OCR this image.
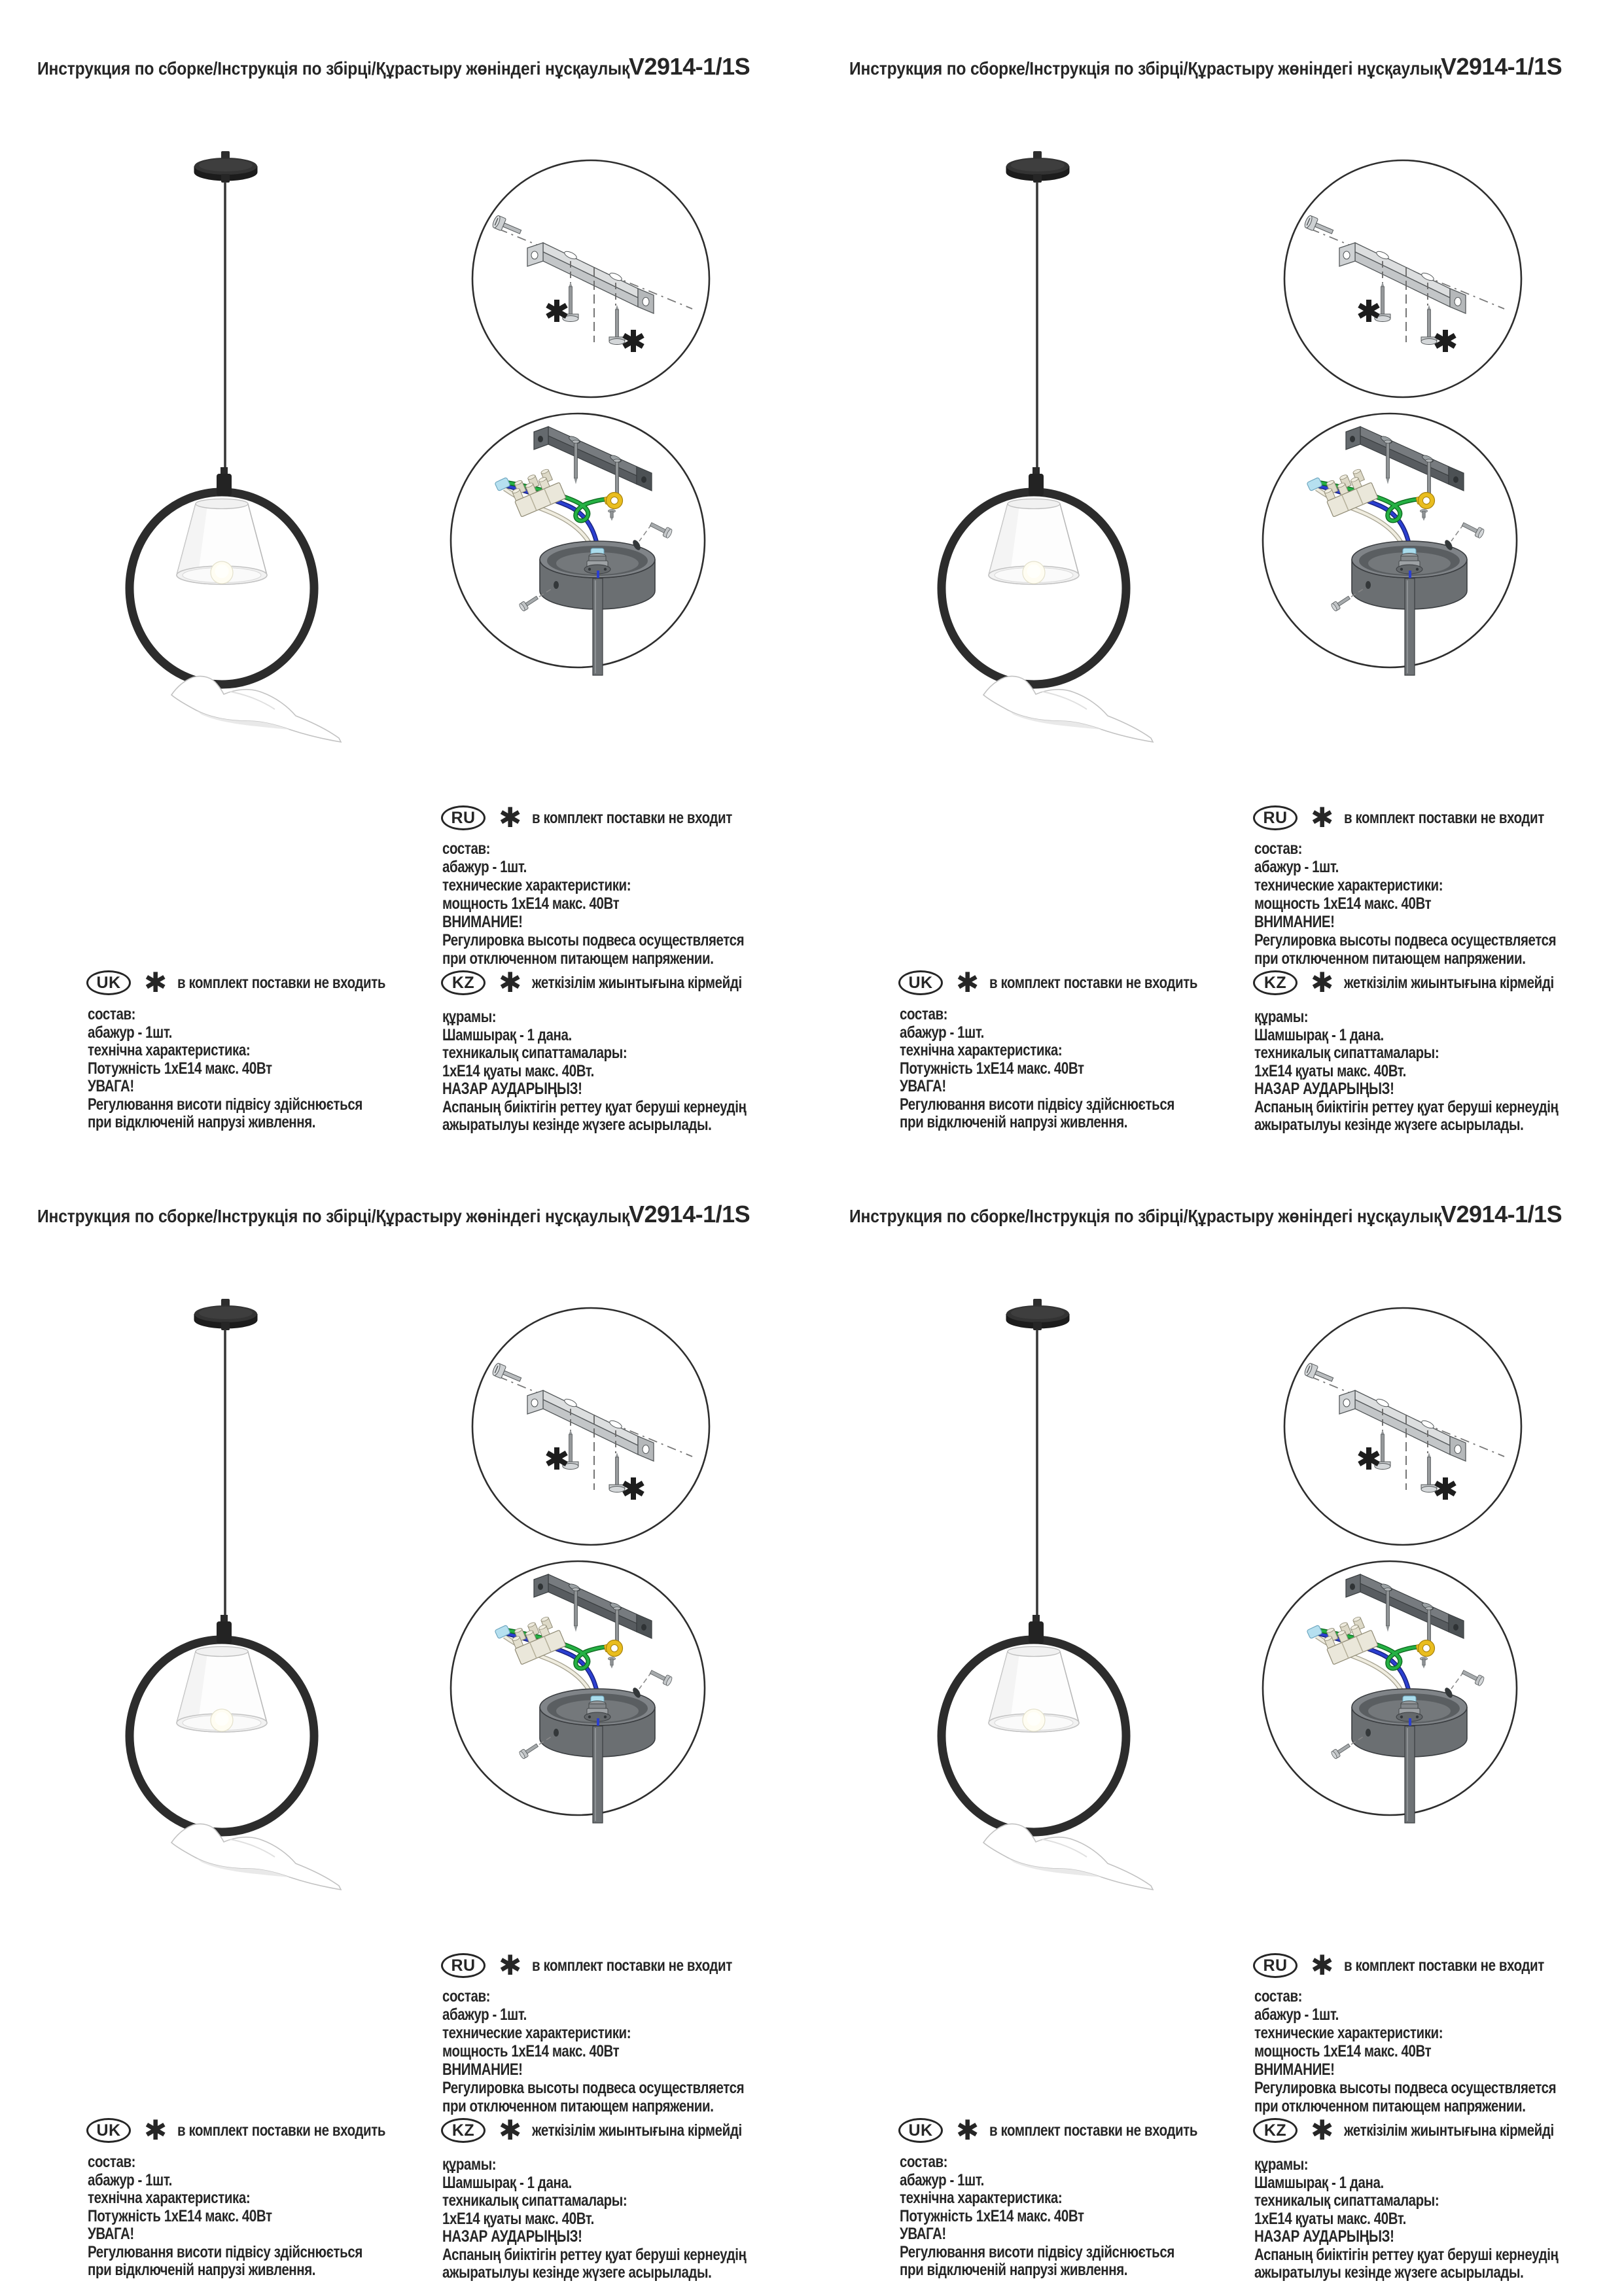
Инструкция по сборке/Інструкція по збірці/Құрастыру жөніндегі нұсқаулық
V2914-1/1S
RU ✱ в комплект поставки не входит
состав:
абажур - 1шт.
технические характеристики:
мощность 1хЕ14 макс. 40Вт
ВНИМАНИЕ!
Регулировка высоты подвеса осуществляется
при отключенном питающем напряжении.
UK ✱ в комплект поставки не входить
состав:
абажур - 1шт.
технічна характеристика:
Потужність 1хЕ14 макс. 40Вт
УВАГА!
Регулювання висоти підвісу здійснюється
при відключеній напрузі живлення.
KZ ✱ жеткізілім жиынтығына кірмейді
құрамы:
Шамшырақ - 1 дана.
техникалық сипаттамалары:
1хЕ14 қуаты макс. 40Вт.
НАЗАР АУДАРЫҢЫЗ!
Аспаның биіктігін реттеу қуат беруші кернеудің
ажыратылуы кезінде жүзеге асырылады.
Инструкция по сборке/Інструкція по збірці/Құрастыру жөніндегі нұсқаулық
V2914-1/1S
RU ✱ в комплект поставки не входит
состав:
абажур - 1шт.
технические характеристики:
мощность 1хЕ14 макс. 40Вт
ВНИМАНИЕ!
Регулировка высоты подвеса осуществляется
при отключенном питающем напряжении.
UK ✱ в комплект поставки не входить
состав:
абажур - 1шт.
технічна характеристика:
Потужність 1хЕ14 макс. 40Вт
УВАГА!
Регулювання висоти підвісу здійснюється
при відключеній напрузі живлення.
KZ ✱ жеткізілім жиынтығына кірмейді
құрамы:
Шамшырақ - 1 дана.
техникалық сипаттамалары:
1хЕ14 қуаты макс. 40Вт.
НАЗАР АУДАРЫҢЫЗ!
Аспаның биіктігін реттеу қуат беруші кернеудің
ажыратылуы кезінде жүзеге асырылады.
Инструкция по сборке/Інструкція по збірці/Құрастыру жөніндегі нұсқаулық
V2914-1/1S
RU ✱ в комплект поставки не входит
состав:
абажур - 1шт.
технические характеристики:
мощность 1хЕ14 макс. 40Вт
ВНИМАНИЕ!
Регулировка высоты подвеса осуществляется
при отключенном питающем напряжении.
UK ✱ в комплект поставки не входить
состав:
абажур - 1шт.
технічна характеристика:
Потужність 1хЕ14 макс. 40Вт
УВАГА!
Регулювання висоти підвісу здійснюється
при відключеній напрузі живлення.
KZ ✱ жеткізілім жиынтығына кірмейді
құрамы:
Шамшырақ - 1 дана.
техникалық сипаттамалары:
1хЕ14 қуаты макс. 40Вт.
НАЗАР АУДАРЫҢЫЗ!
Аспаның биіктігін реттеу қуат беруші кернеудің
ажыратылуы кезінде жүзеге асырылады.
Инструкция по сборке/Інструкція по збірці/Құрастыру жөніндегі нұсқаулық
V2914-1/1S
RU ✱ в комплект поставки не входит
состав:
абажур - 1шт.
технические характеристики:
мощность 1хЕ14 макс. 40Вт
ВНИМАНИЕ!
Регулировка высоты подвеса осуществляется
при отключенном питающем напряжении.
UK ✱ в комплект поставки не входить
состав:
абажур - 1шт.
технічна характеристика:
Потужність 1хЕ14 макс. 40Вт
УВАГА!
Регулювання висоти підвісу здійснюється
при відключеній напрузі живлення.
KZ ✱ жеткізілім жиынтығына кірмейді
құрамы:
Шамшырақ - 1 дана.
техникалық сипаттамалары:
1хЕ14 қуаты макс. 40Вт.
НАЗАР АУДАРЫҢЫЗ!
Аспаның биіктігін реттеу қуат беруші кернеудің
ажыратылуы кезінде жүзеге асырылады.
